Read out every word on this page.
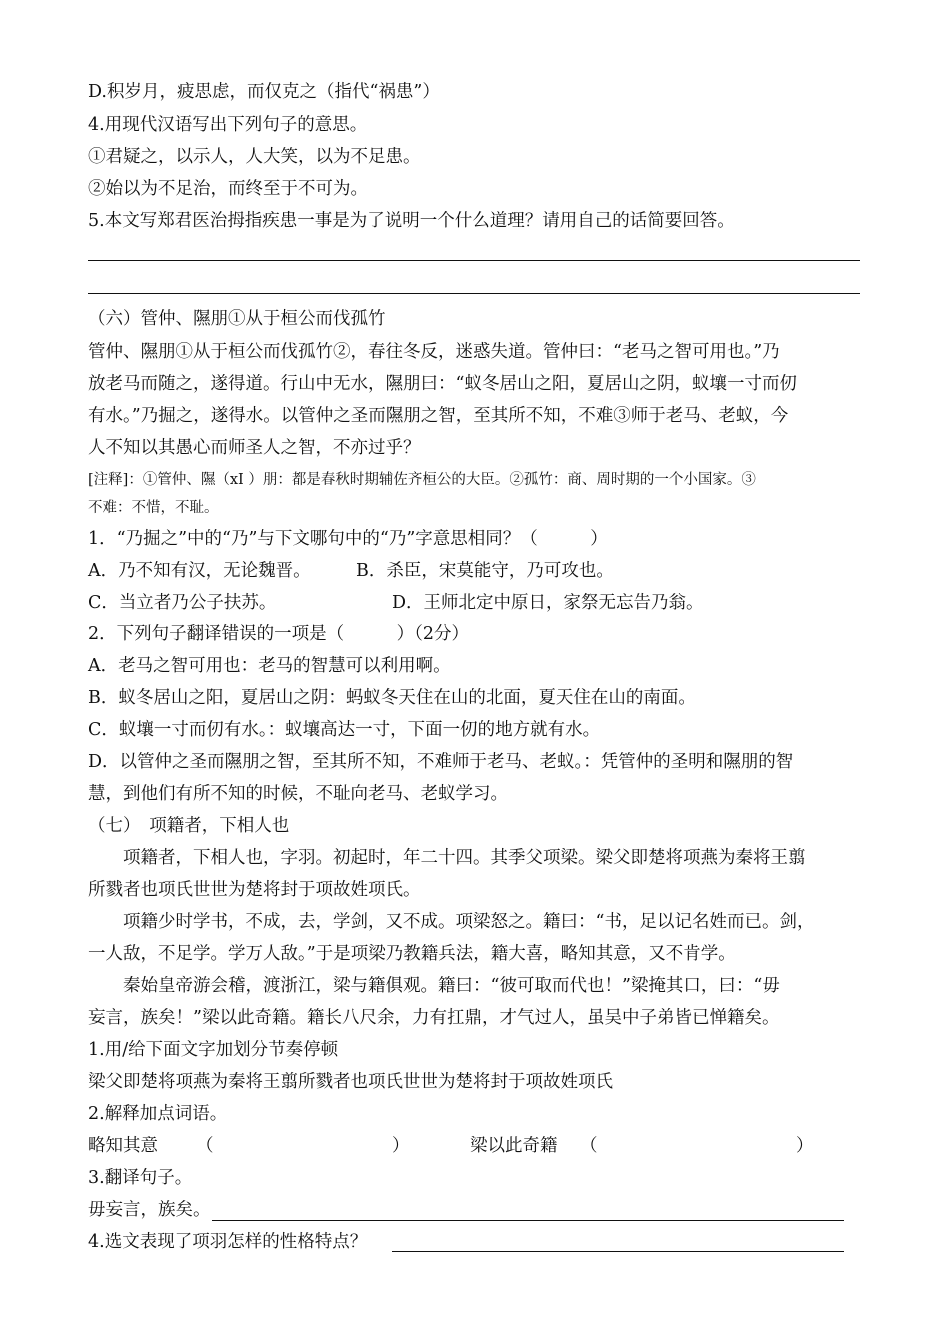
D.积岁月，疲思虑，而仅克之（指代“祸患”）
4.用现代汉语写出下列句子的意思。
①君疑之，以示人，人大笑，以为不足患。
②始以为不足治，而终至于不可为。
5.本文写郑君医治拇指疾患一事是为了说明一个什么道理？请用自己的话简要回答。
（六）管仲、隰朋①从于桓公而伐孤竹
管仲、隰朋①从于桓公而伐孤竹②，春往冬反，迷惑失道。管仲曰：“老马之智可用也。”乃
放老马而随之，遂得道。行山中无水，隰朋曰：“蚁冬居山之阳，夏居山之阴，蚁壤一寸而仞
有水。”乃掘之，遂得水。以管仲之圣而隰朋之智，至其所不知，不难③师于老马、老蚁，今
人不知以其愚心而师圣人之智，不亦过乎？
[注释]：①管仲、隰（xI ）朋：都是春秋时期辅佐齐桓公的大臣。②孤竹：商、周时期的一个小国家。③
不难：不惜，不耻。
1．“乃掘之”中的“乃”与下文哪句中的“乃”字意思相同？（　　　）
A．乃不知有汉，无论魏晋。	B．杀臣，宋莫能守，乃可攻也。
C．当立者乃公子扶苏。	D．王师北定中原日，家祭无忘告乃翁。
2．下列句子翻译错误的一项是（　　　）（2分）
A．老马之智可用也：老马的智慧可以利用啊。
B．蚁冬居山之阳，夏居山之阴：蚂蚁冬天住在山的北面，夏天住在山的南面。
C．蚁壤一寸而仞有水。：蚁壤高达一寸，下面一仞的地方就有水。
D．以管仲之圣而隰朋之智，至其所不知，不难师于老马、老蚁。：凭管仲的圣明和隰朋的智
慧，到他们有所不知的时候，不耻向老马、老蚁学习。
（七）　项籍者，下相人也
　　项籍者，下相人也，字羽。初起时，年二十四。其季父项梁。梁父即楚将项燕为秦将王翦
所戮者也项氏世世为楚将封于项故姓项氏。
　　项籍少时学书，不成，去，学剑，又不成。项梁怒之。籍曰：“书，足以记名姓而已。剑，
一人敌，不足学。学万人敌。”于是项梁乃教籍兵法，籍大喜，略知其意，又不肯学。
　　秦始皇帝游会稽，渡浙江，梁与籍俱观。籍曰：“彼可取而代也！”梁掩其口，曰：“毋
妄言，族矣！”梁以此奇籍。籍长八尺余，力有扛鼎，才气过人，虽吴中子弟皆已惮籍矣。
1.用/给下面文字加划分节奏停顿
梁父即楚将项燕为秦将王翦所戮者也项氏世世为楚将封于项故姓项氏
2.解释加点词语。
略知其意 （	）	梁以此奇籍 （	）
3.翻译句子。
毋妄言，族矣。
4.选文表现了项羽怎样的性格特点？
